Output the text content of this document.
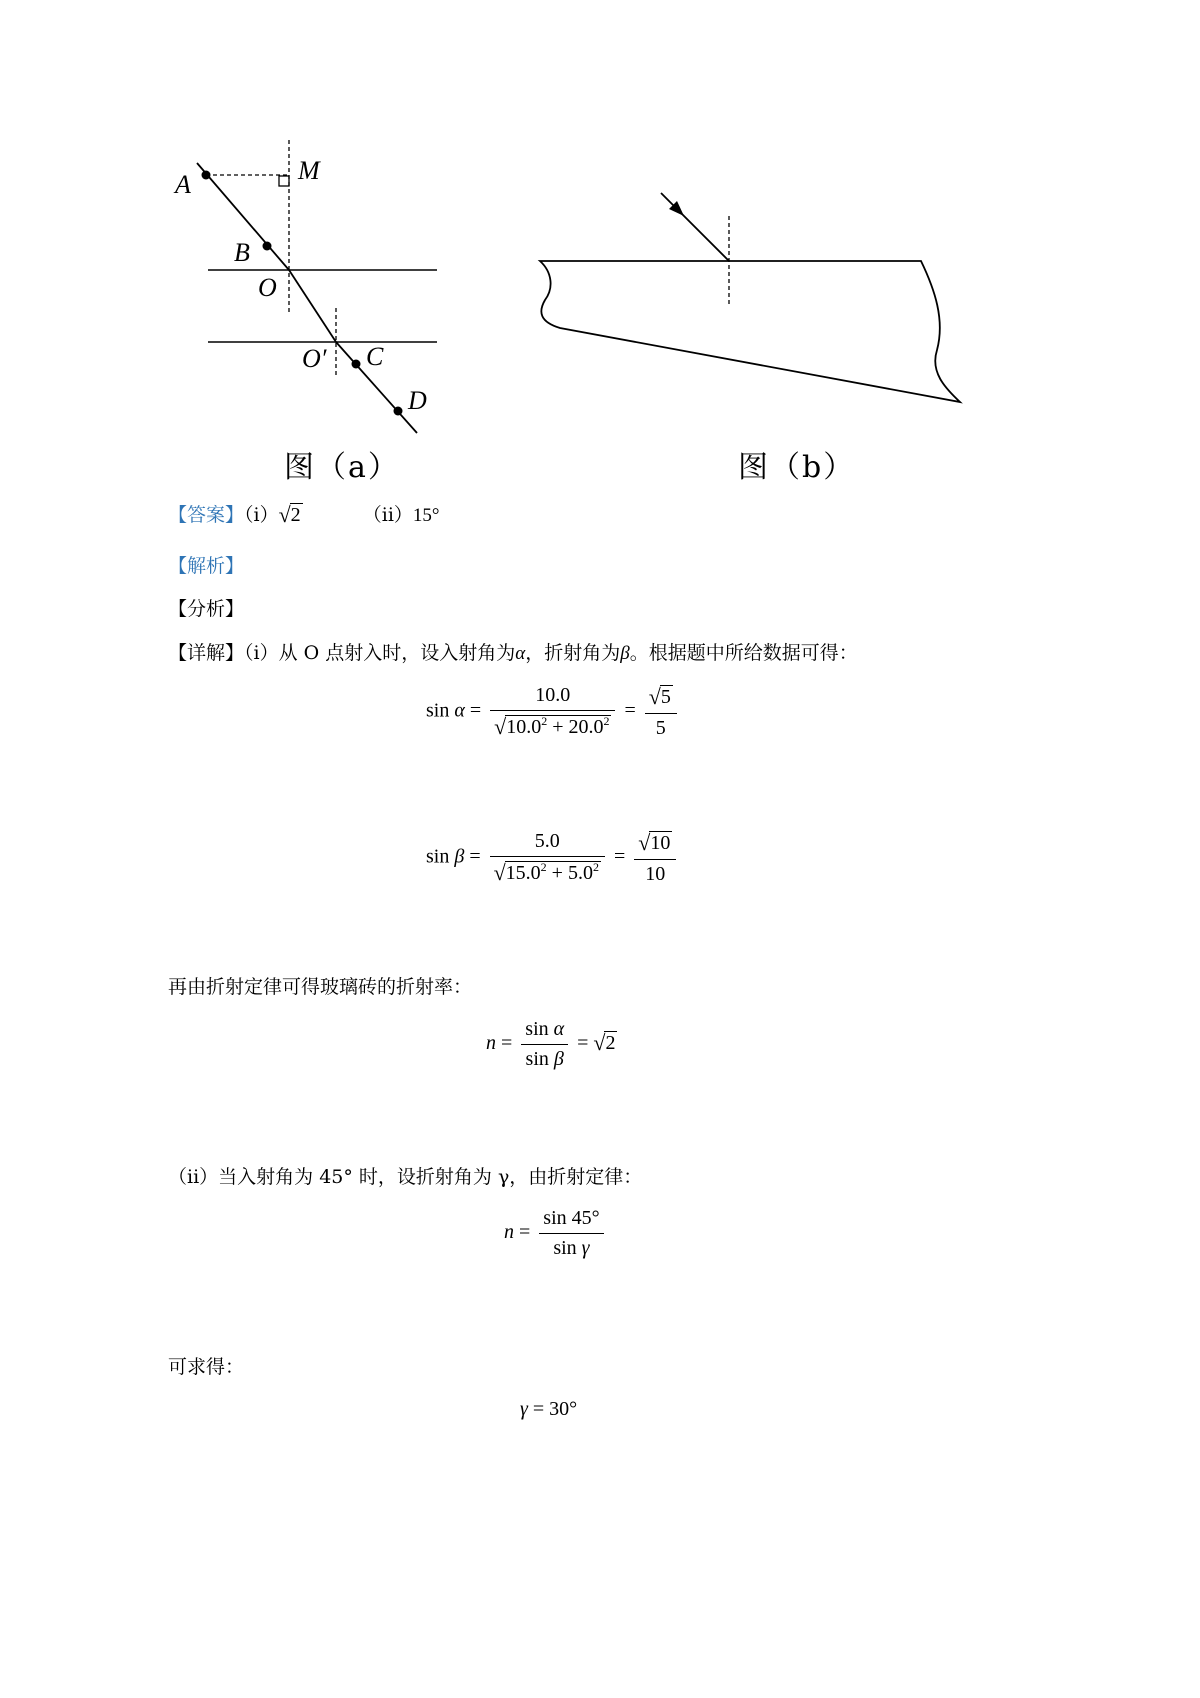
A	M
B
O
O′ C
D
图（a）	图（b）
【答案】（i）√2	（ii）15°
【解析】
【分析】
【详解】（i）从 O 点射入时，设入射角为α，折射角为β。根据题中所给数据可得：
$\sin \alpha = \frac{10.0}{√10.0^2 + 20.0^2} = \frac{√5}{5}$
$\sin \beta = \frac{5.0}{√15.0^2 + 5.0^2} = \frac{√10}{10}$
再由折射定律可得玻璃砖的折射率：
$n = \frac{\text{sin α}}{\text{sin β}} = √2$
（ii）当入射角为 45° 时，设折射角为 γ，由折射定律：
$n = \frac{\sin 45^\circ}{\text{sin γ}}$
可求得：
γ = 30°
